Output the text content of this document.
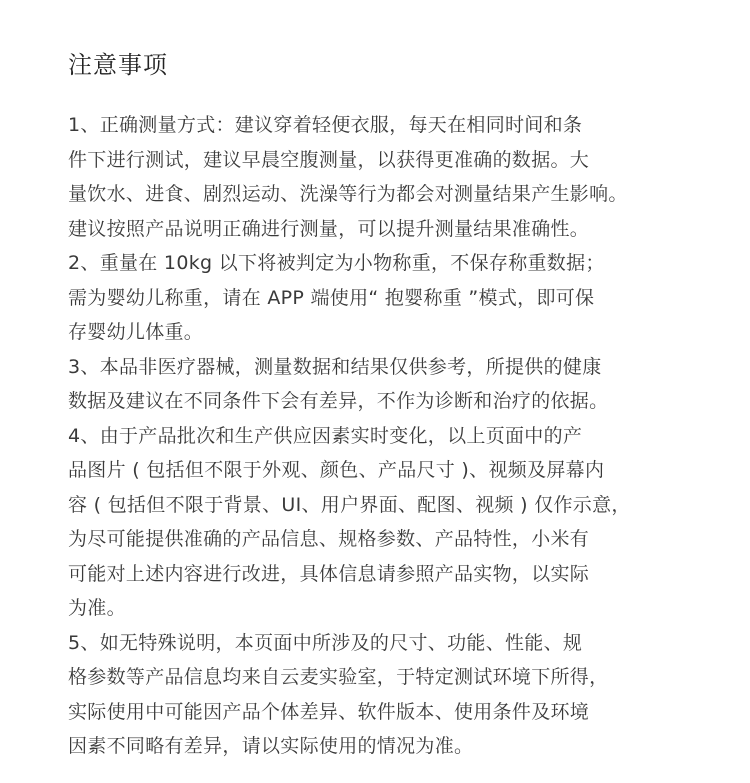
注意事项
1、正确测量方式：建议穿着轻便衣服，每天在相同时间和条
件下进行测试，建议早晨空腹测量，以获得更准确的数据。大
量饮水、进食、剧烈运动、洗澡等行为都会对测量结果产生影响。
建议按照产品说明正确进行测量，可以提升测量结果准确性。
2、重量在 10kg 以下将被判定为小物称重，不保存称重数据；
需为婴幼儿称重，请在 APP 端使用“ 抱婴称重 ”模式，即可保
存婴幼儿体重。
3、本品非医疗器械，测量数据和结果仅供参考，所提供的健康
数据及建议在不同条件下会有差异，不作为诊断和治疗的依据。
4、由于产品批次和生产供应因素实时变化，以上页面中的产
品图片 ( 包括但不限于外观、颜色、产品尺寸 )、视频及屏幕内
容 ( 包括但不限于背景、UI、用户界面、配图、视频 ) 仅作示意，
为尽可能提供准确的产品信息、规格参数、产品特性，小米有
可能对上述内容进行改进，具体信息请参照产品实物，以实际
为准。
5、如无特殊说明，本页面中所涉及的尺寸、功能、性能、规
格参数等产品信息均来自云麦实验室，于特定测试环境下所得，
实际使用中可能因产品个体差异、软件版本、使用条件及环境
因素不同略有差异，请以实际使用的情况为准。
